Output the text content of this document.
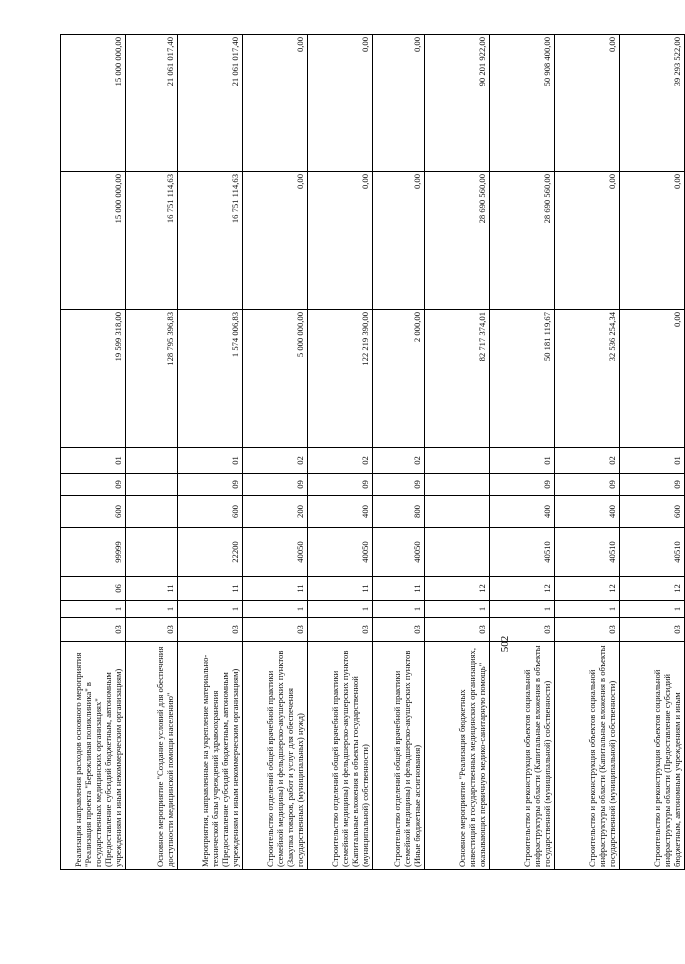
502
Реализация направления расходов основного мероприятия "Реализация проекта "Бережливая поликлиника" в государственных медицинских организациях" (Предоставление субсидий бюджетным, автономным учреждениям и иным некоммерческим организациям)	03	1	06	99999	600	09	01	19 599 318,00	15 000 000,00	15 000 000,00
Основное мероприятие "Создание условий для обеспечения доступности медицинской помощи населению"	03	1	11					128 795 396,83	16 751 114,63	21 061 017,40
Мероприятия, направленные на укрепление материально-технической базы учреждений здравоохранения (Предоставление субсидий бюджетным, автономным учреждениям и иным некоммерческим организациям)	03	1	11	22200	600	09	01	1 574 006,83	16 751 114,63	21 061 017,40
Строительство отделений общей врачебной практики (семейной медицины) и фельдшерско-акушерских пунктов (Закупка товаров, работ и услуг для обеспечения государственных (муниципальных) нужд)	03	1	11	40050	200	09	02	5 000 000,00	0,00	0,00
Строительство отделений общей врачебной практики (семейной медицины) и фельдшерско-акушерских пунктов (Капитальные вложения в объекты государственной (муниципальной) собственности)	03	1	11	40050	400	09	02	122 219 390,00	0,00	0,00
Строительство отделений общей врачебной практики (семейной медицины) и фельдшерско-акушерских пунктов (Иные бюджетные ассигнования)	03	1	11	40050	800	09	02	2 000,00	0,00	0,00
Основное мероприятие "Реализация бюджетных инвестиций в государственных медицинских организациях, оказывающих первичную медико-санитарную помощь"	03	1	12					82 717 374,01	28 690 560,00	90 201 922,00
Строительство и реконструкция объектов социальной инфраструктуры области (Капитальные вложения в объекты государственной (муниципальной) собственности)	03	1	12	40510	400	09	01	50 181 119,67	28 690 560,00	50 908 400,00
Строительство и реконструкция объектов социальной инфраструктуры области (Капитальные вложения в объекты государственной (муниципальной) собственности)	03	1	12	40510	400	09	02	32 536 254,34	0,00	0,00
Строительство и реконструкция объектов социальной инфраструктуры области (Предоставление субсидий бюджетным, автономным учреждениям и иным	03	1	12	40510	600	09	01	0,00	0,00	39 293 522,00
